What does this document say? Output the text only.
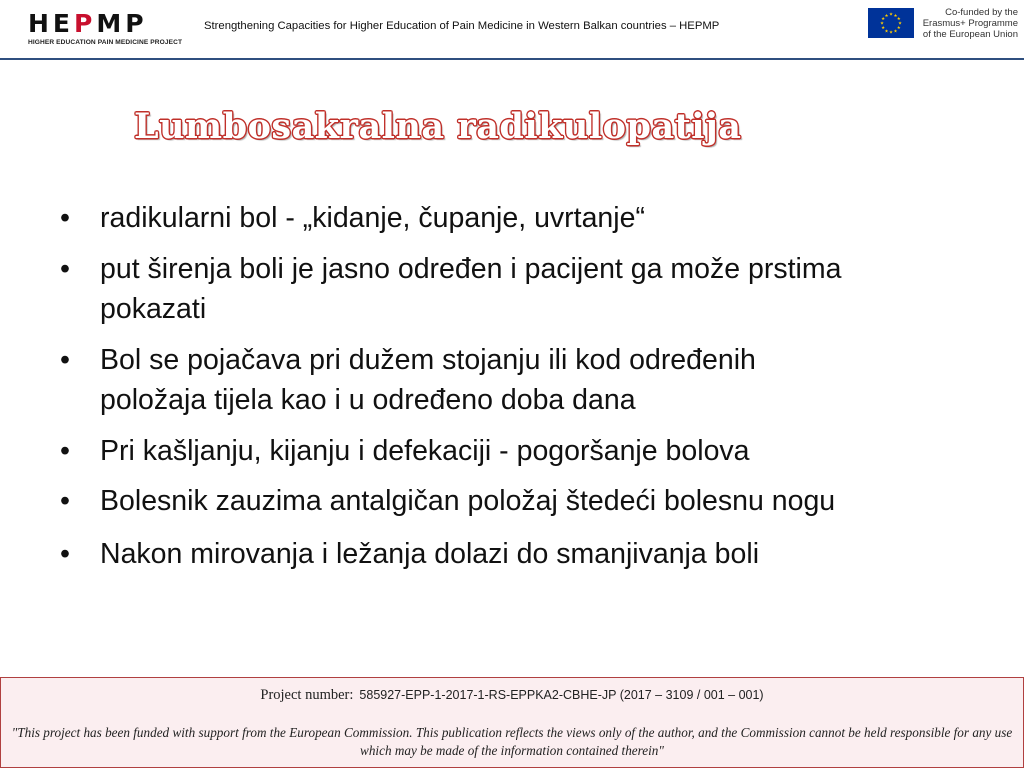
HEPMP
HIGHER EDUCATION PAIN MEDICINE PROJECT
Strengthening Capacities for Higher Education of Pain Medicine in Western Balkan countries – HEPMP
★ ★
★
★
★
★
★
★
★
★
★
★	Co-funded by the
Erasmus+ Programme
of the European Union
Lumbosakralna radikulopatija
• radikularni bol - „kidanje, čupanje, uvrtanje“
• put širenja boli je jasno određen i pacijent ga može prstima pokazati
• Bol se pojačava pri dužem stojanju ili kod određenih položaja tijela kao i u određeno doba dana
• Pri kašljanju, kijanju i defekaciji - pogoršanje bolova
• Bolesnik zauzima antalgičan položaj štedeći bolesnu nogu
• Nakon mirovanja i ležanja dolazi do smanjivanja boli
Project number: 585927-EPP-1-2017-1-RS-EPPKA2-CBHE-JP (2017 – 3109 / 001 – 001)
"This project has been funded with support from the European Commission. This publication reflects the views only of the author, and the Commission cannot be held responsible for any use which may be made of the information contained therein"
